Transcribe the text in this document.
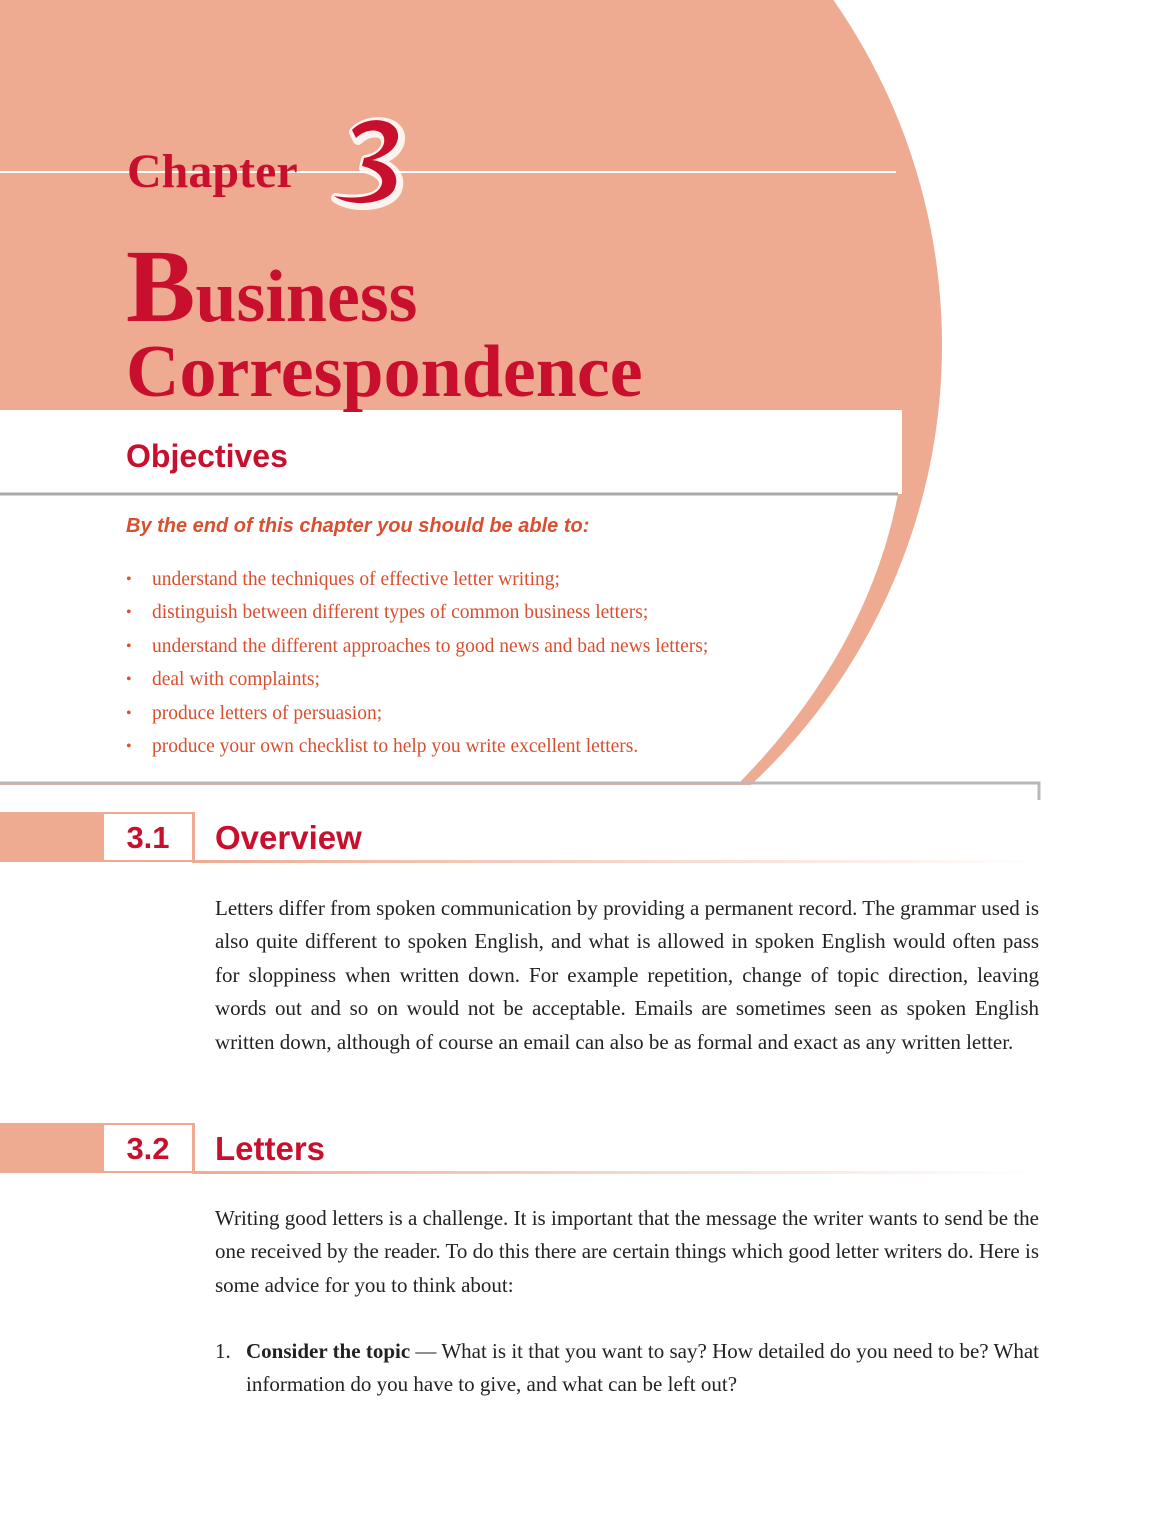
Chapter
Business
Correspondence
Objectives

By the end of this chapter you should be able to:

• understand the techniques of effective letter writing;
• distinguish between different types of common business letters;
• understand the different approaches to good news and bad news letters;
• deal with complaints;
• produce letters of persuasion;
• produce your own checklist to help you write excellent letters.
3.1	Overview

Letters differ from spoken communication by providing a permanent record. The grammar used is also quite different to spoken English, and what is allowed in spoken English would often pass for sloppiness when written down. For example repetition, change of topic direction, leaving words out and so on would not be acceptable. Emails are sometimes seen as spoken English written down, although of course an email can also be as formal and exact as any written letter.

3.2	Letters

Writing good letters is a challenge. It is important that the message the writer wants to send be the one received by the reader. To do this there are certain things which good letter writers do. Here is some advice for you to think about:

1. Consider the topic — What is it that you want to say? How detailed do you need to be? What information do you have to give, and what can be left out?
